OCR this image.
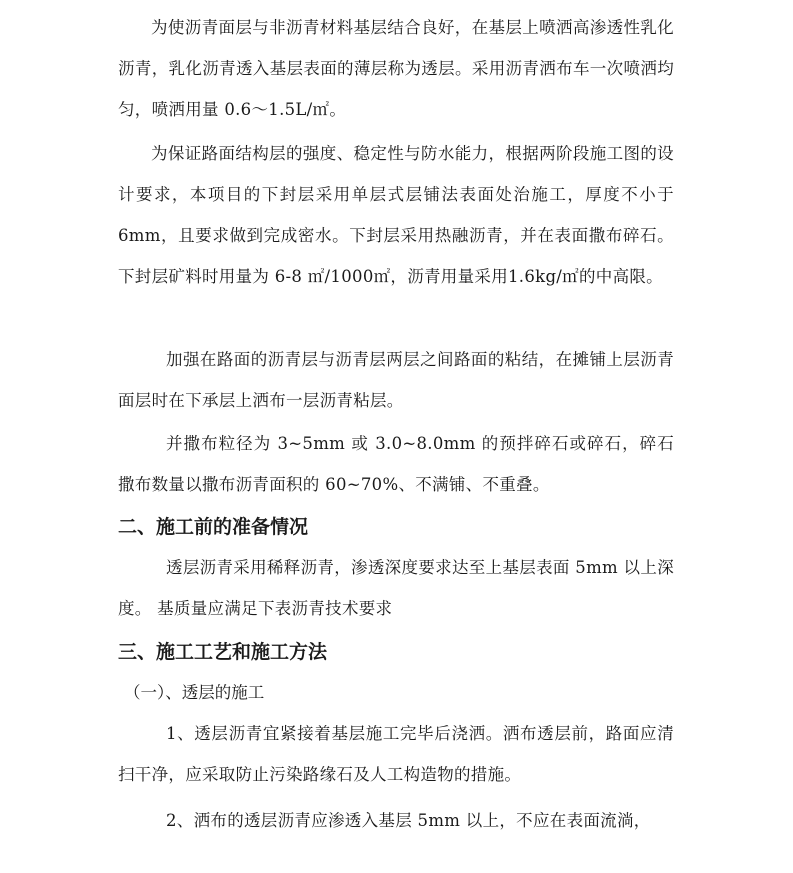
为使沥青面层与非沥青材料基层结合良好，在基层上喷洒高渗透性乳化沥青，乳化沥青透入基层表面的薄层称为透层。采用沥青洒布车一次喷洒均匀，喷洒用量 0.6～1.5L/㎡。

为保证路面结构层的强度、稳定性与防水能力，根据两阶段施工图的设计要求，本项目的下封层采用单层式层铺法表面处治施工，厚度不小于 6mm，且要求做到完成密水。下封层采用热融沥青，并在表面撒布碎石。下封层矿料时用量为 6-8 ㎡/1000㎡，沥青用量采用1.6kg/㎡的中高限。

加强在路面的沥青层与沥青层两层之间路面的粘结，在摊铺上层沥青面层时在下承层上洒布一层沥青粘层。

并撒布粒径为 3~5mm 或 3.0~8.0mm 的预拌碎石或碎石，碎石撒布数量以撒布沥青面积的 60~70%、不满铺、不重叠。

二、施工前的准备情况

透层沥青采用稀释沥青，渗透深度要求达至上基层表面 5mm 以上深度。 基质量应满足下表沥青技术要求

三、施工工艺和施工方法

（一）、透层的施工

1、透层沥青宜紧接着基层施工完毕后浇洒。洒布透层前，路面应清扫干净，应采取防止污染路缘石及人工构造物的措施。

2、洒布的透层沥青应渗透入基层 5mm 以上，不应在表面流淌，
